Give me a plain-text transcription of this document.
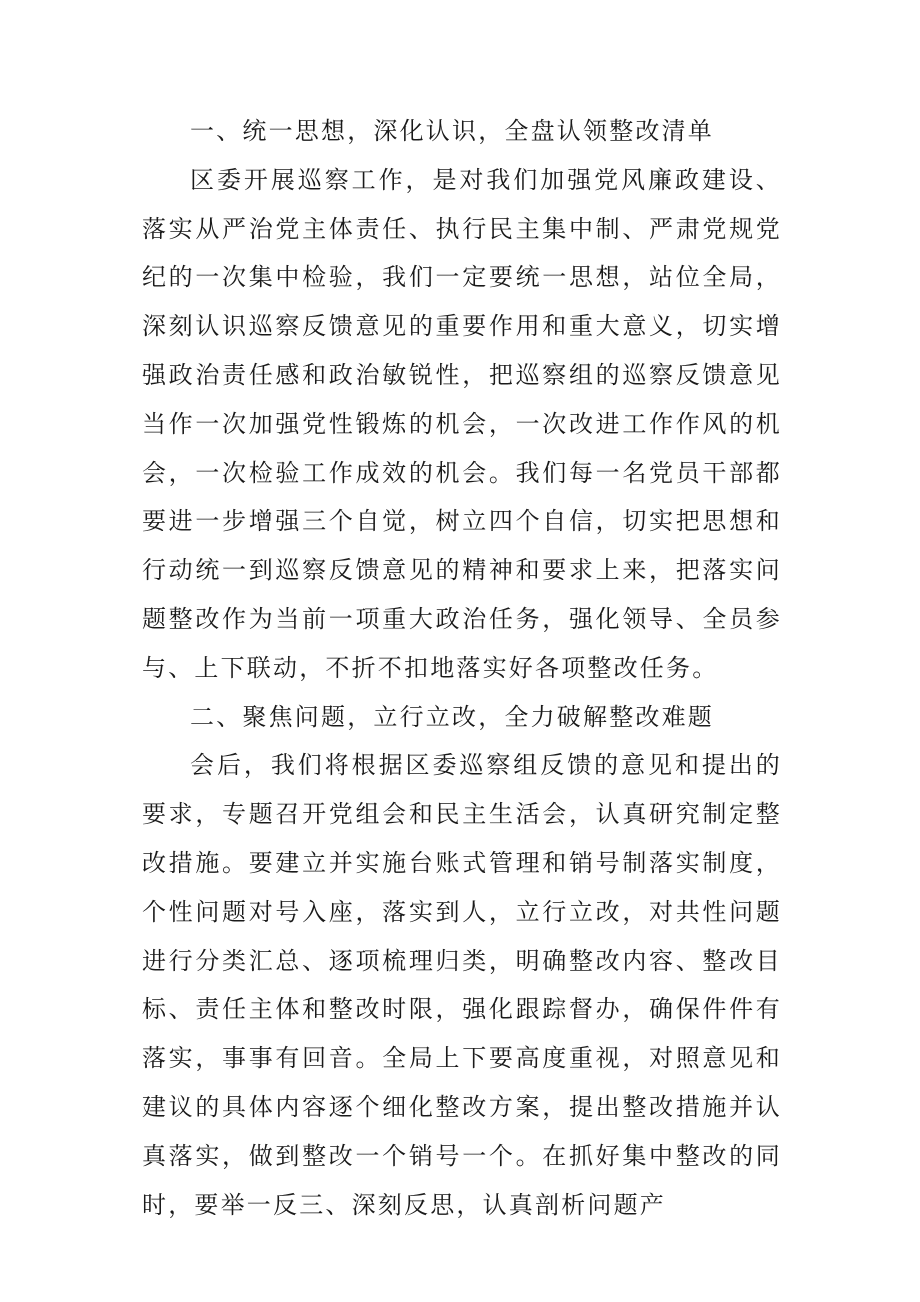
一、统一思想，深化认识，全盘认领整改清单

区委开展巡察工作，是对我们加强党风廉政建设、落实从严治党主体责任、执行民主集中制、严肃党规党纪的一次集中检验，我们一定要统一思想，站位全局，深刻认识巡察反馈意见的重要作用和重大意义，切实增强政治责任感和政治敏锐性，把巡察组的巡察反馈意见当作一次加强党性锻炼的机会，一次改进工作作风的机会，一次检验工作成效的机会。我们每一名党员干部都要进一步增强三个自觉，树立四个自信，切实把思想和行动统一到巡察反馈意见的精神和要求上来，把落实问题整改作为当前一项重大政治任务，强化领导、全员参与、上下联动，不折不扣地落实好各项整改任务。

二、聚焦问题，立行立改，全力破解整改难题

会后，我们将根据区委巡察组反馈的意见和提出的要求，专题召开党组会和民主生活会，认真研究制定整改措施。要建立并实施台账式管理和销号制落实制度，个性问题对号入座，落实到人，立行立改，对共性问题进行分类汇总、逐项梳理归类，明确整改内容、整改目标、责任主体和整改时限，强化跟踪督办，确保件件有落实，事事有回音。全局上下要高度重视，对照意见和建议的具体内容逐个细化整改方案，提出整改措施并认真落实，做到整改一个销号一个。在抓好集中整改的同时，要举一反三、深刻反思，认真剖析问题产
